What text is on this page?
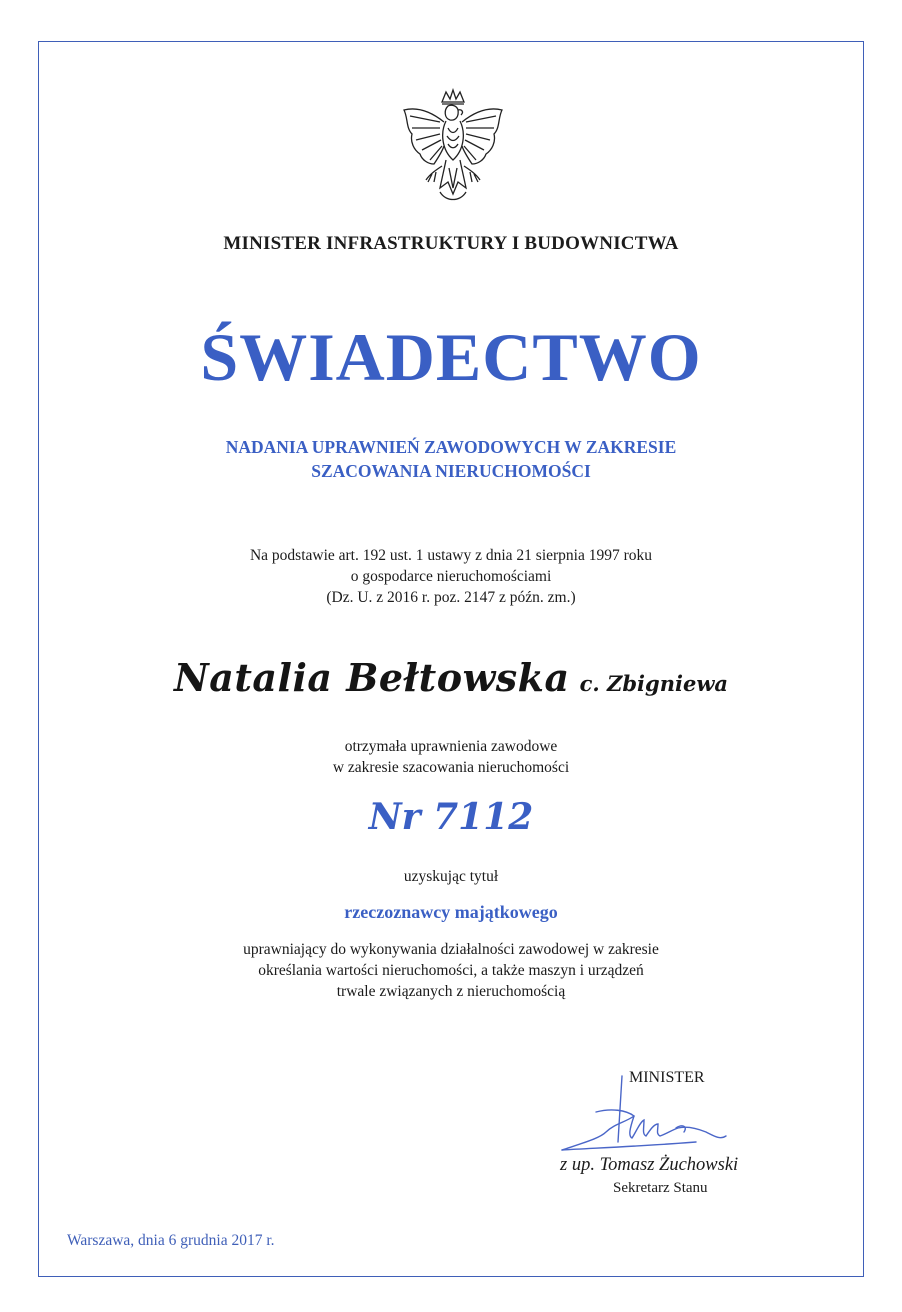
MINISTER INFRASTRUKTURY I BUDOWNICTWA
ŚWIADECTWO
NADANIA UPRAWNIEŃ ZAWODOWYCH W ZAKRESIE
SZACOWANIA NIERUCHOMOŚCI
Na podstawie art. 192 ust. 1 ustawy z dnia 21 sierpnia 1997 roku
o gospodarce nieruchomościami
(Dz. U. z 2016 r. poz. 2147 z późn. zm.)
Natalia Bełtowska c. Zbigniewa
otrzymała uprawnienia zawodowe
w zakresie szacowania nieruchomości
Nr 7112
uzyskując tytuł
rzeczoznawcy majątkowego
uprawniający do wykonywania działalności zawodowej w zakresie
określania wartości nieruchomości, a także maszyn i urządzeń
trwale związanych z nieruchomością
MINISTER
z up. Tomasz Żuchowski
Sekretarz Stanu
Warszawa, dnia 6 grudnia 2017 r.
